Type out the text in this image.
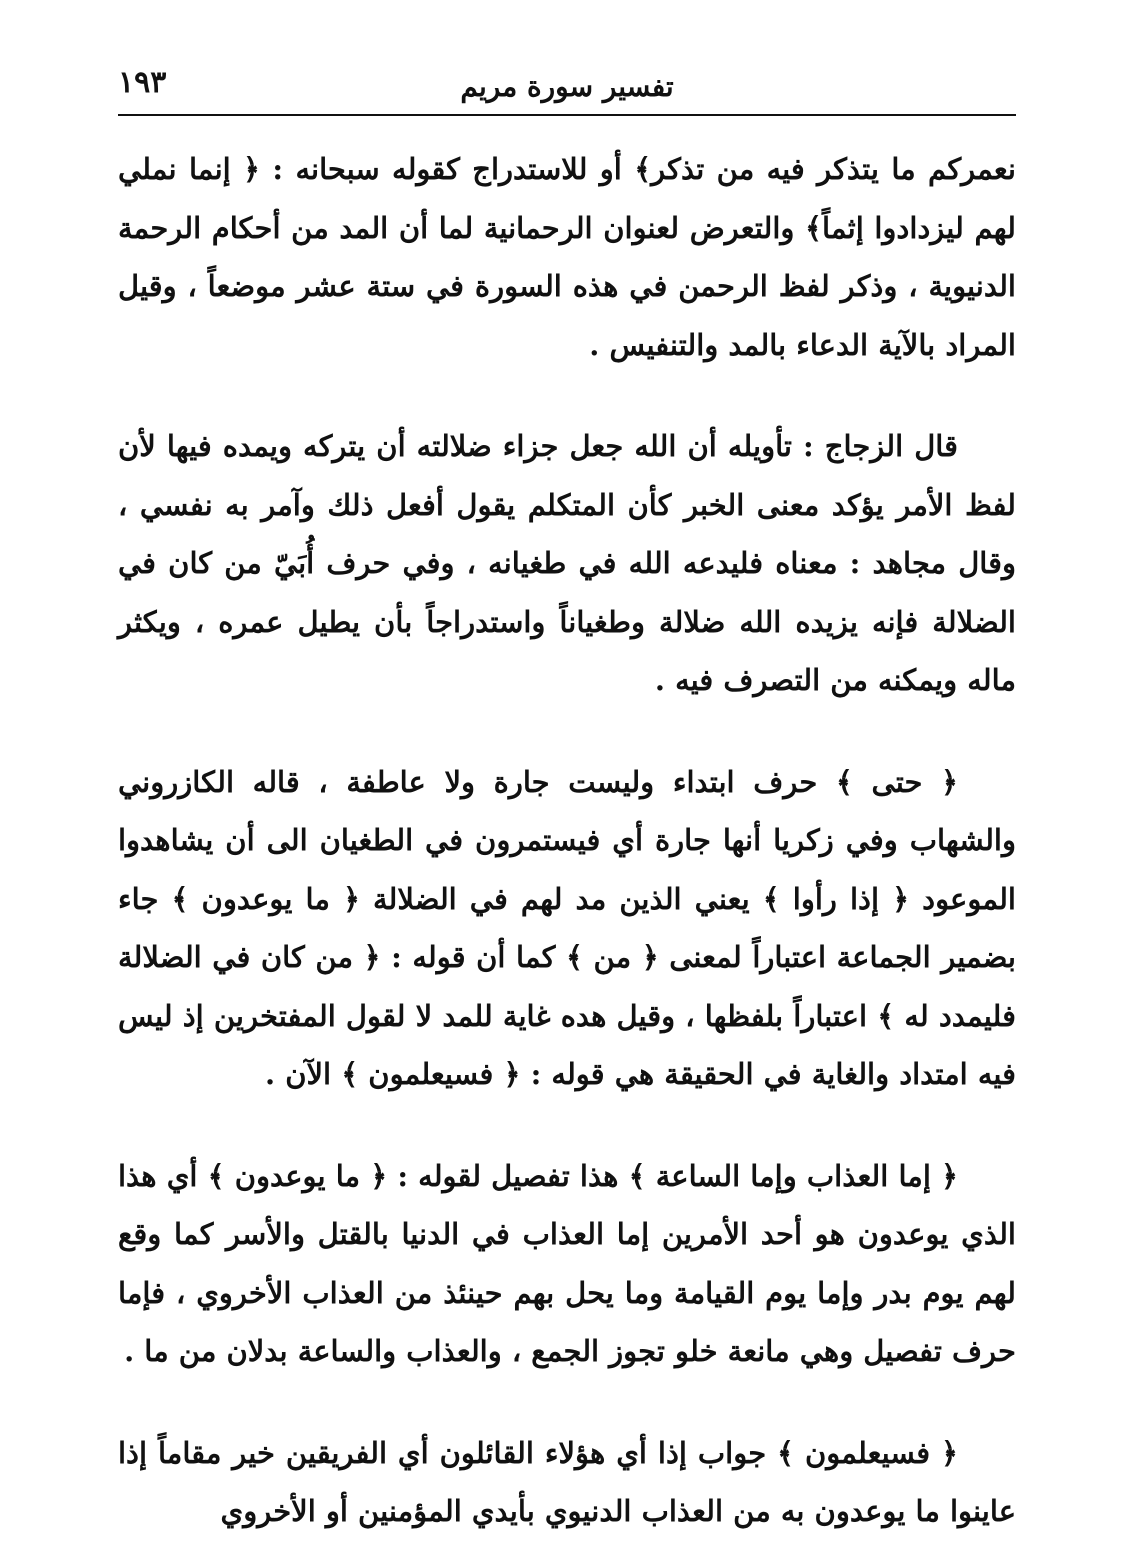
تفسير سورة مريم
١٩٣

نعمركم ما يتذكر فيه من تذكر﴾ أو للاستدراج كقوله سبحانه : ﴿ إنما نملي لهم ليزدادوا إثماً﴾ والتعرض لعنوان الرحمانية لما أن المد من أحكام الرحمة الدنيوية ، وذكر لفظ الرحمن في هذه السورة في ستة عشر موضعاً ، وقيل المراد بالآية الدعاء بالمد والتنفيس .

قال الزجاج : تأويله أن الله جعل جزاء ضلالته أن يتركه ويمده فيها لأن لفظ الأمر يؤكد معنى الخبر كأن المتكلم يقول أفعل ذلك وآمر به نفسي ، وقال مجاهد : معناه فليدعه الله في طغيانه ، وفي حرف أُبَيّ من كان في الضلالة فإنه يزيده الله ضلالة وطغياناً واستدراجاً بأن يطيل عمره ، ويكثر ماله ويمكنه من التصرف فيه .

﴿ حتى ﴾ حرف ابتداء وليست جارة ولا عاطفة ، قاله الكازروني والشهاب وفي زكريا أنها جارة أي فيستمرون في الطغيان الى أن يشاهدوا الموعود ﴿ إذا رأوا ﴾ يعني الذين مد لهم في الضلالة ﴿ ما يوعدون ﴾ جاء بضمير الجماعة اعتباراً لمعنى ﴿ من ﴾ كما أن قوله : ﴿ من كان في الضلالة فليمدد له ﴾ اعتباراً بلفظها ، وقيل هده غاية للمد لا لقول المفتخرين إذ ليس فيه امتداد والغاية في الحقيقة هي قوله : ﴿ فسيعلمون ﴾ الآن .

﴿ إما العذاب وإما الساعة ﴾ هذا تفصيل لقوله : ﴿ ما يوعدون ﴾ أي هذا الذي يوعدون هو أحد الأمرين إما العذاب في الدنيا بالقتل والأسر كما وقع لهم يوم بدر وإما يوم القيامة وما يحل بهم حينئذ من العذاب الأخروي ، فإما حرف تفصيل وهي مانعة خلو تجوز الجمع ، والعذاب والساعة بدلان من ما .

﴿ فسيعلمون ﴾ جواب إذا أي هؤلاء القائلون أي الفريقين خير مقاماً إذا عاينوا ما يوعدون به من العذاب الدنيوي بأيدي المؤمنين أو الأخروي
